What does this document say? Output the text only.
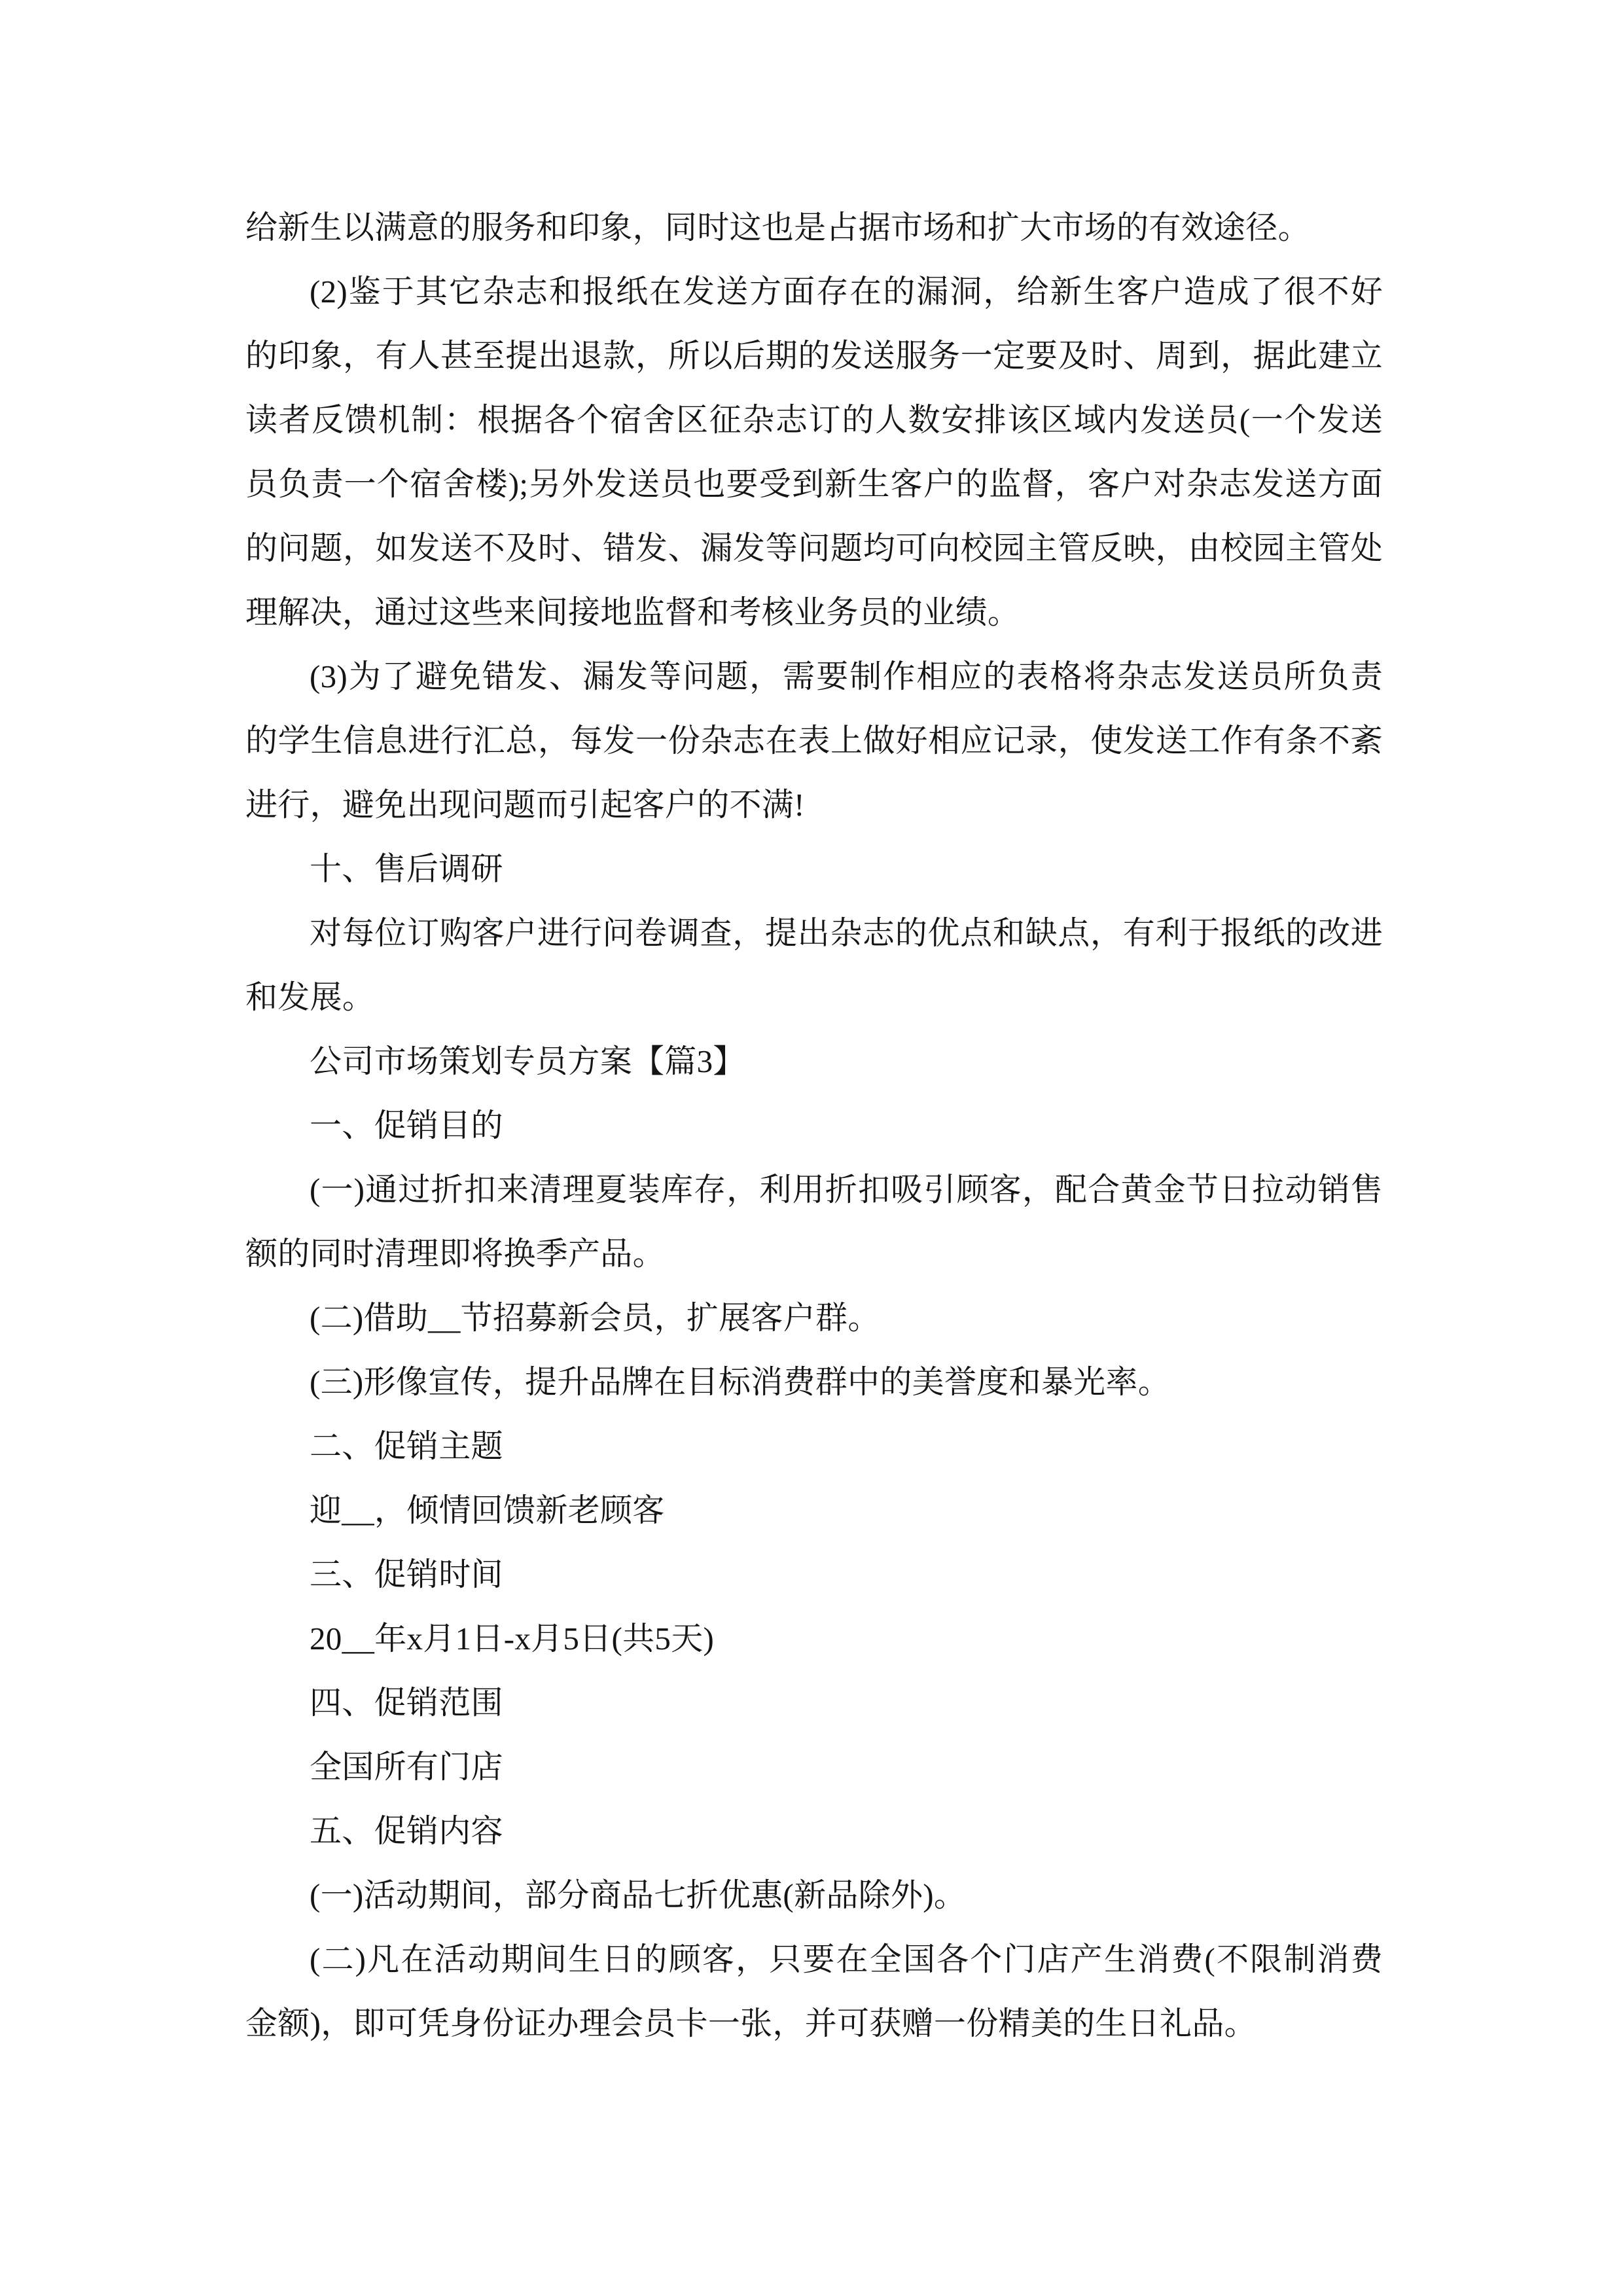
给新生以满意的服务和印象，同时这也是占据市场和扩大市场的有效途径。
(2)鉴于其它杂志和报纸在发送方面存在的漏洞，给新生客户造成了很不好
的印象，有人甚至提出退款，所以后期的发送服务一定要及时、周到，据此建立
读者反馈机制：根据各个宿舍区征杂志订的人数安排该区域内发送员(一个发送
员负责一个宿舍楼);另外发送员也要受到新生客户的监督，客户对杂志发送方面
的问题，如发送不及时、错发、漏发等问题均可向校园主管反映，由校园主管处
理解决，通过这些来间接地监督和考核业务员的业绩。
(3)为了避免错发、漏发等问题，需要制作相应的表格将杂志发送员所负责
的学生信息进行汇总，每发一份杂志在表上做好相应记录，使发送工作有条不紊
进行，避免出现问题而引起客户的不满!
十、售后调研
对每位订购客户进行问卷调查，提出杂志的优点和缺点，有利于报纸的改进
和发展。
公司市场策划专员方案【篇3】
一、促销目的
(一)通过折扣来清理夏装库存，利用折扣吸引顾客，配合黄金节日拉动销售
额的同时清理即将换季产品。
(二)借助__节招募新会员，扩展客户群。
(三)形像宣传，提升品牌在目标消费群中的美誉度和暴光率。
二、促销主题
迎__，倾情回馈新老顾客
三、促销时间
20__年x月1日-x月5日(共5天)
四、促销范围
全国所有门店
五、促销内容
(一)活动期间，部分商品七折优惠(新品除外)。
(二)凡在活动期间生日的顾客，只要在全国各个门店产生消费(不限制消费
金额)，即可凭身份证办理会员卡一张，并可获赠一份精美的生日礼品。
